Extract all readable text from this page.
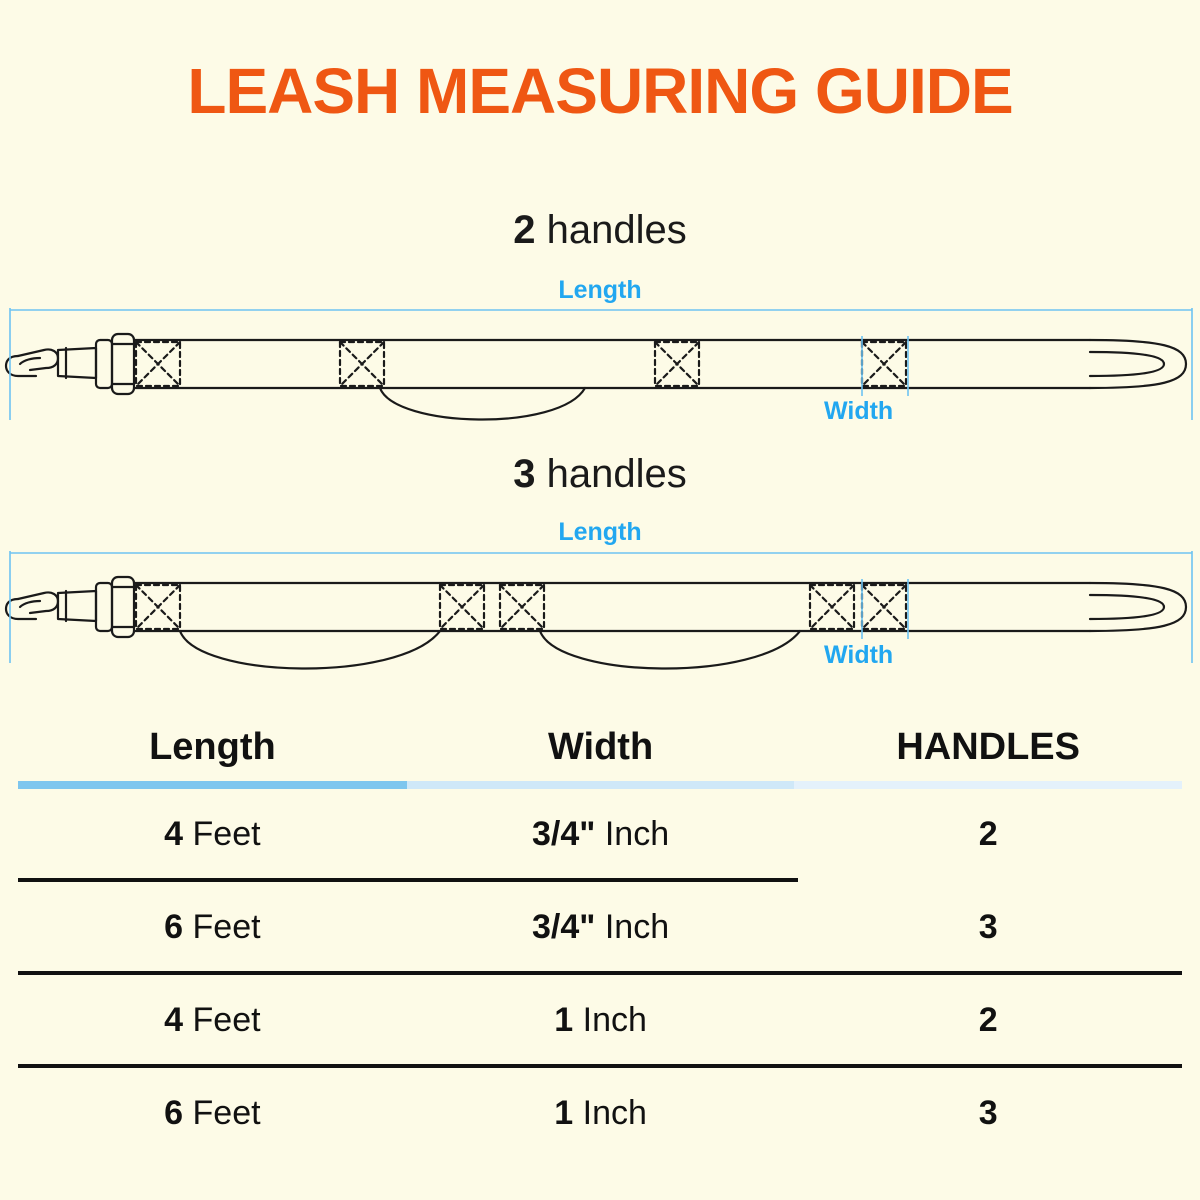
LEASH MEASURING GUIDE
2 handles
Length
Width
3 handles
Length
Width
Length	Width	HANDLES
4 Feet	3/4" Inch	2
6 Feet	3/4" Inch	3
4 Feet	1 Inch	2
6 Feet	1 Inch	3
